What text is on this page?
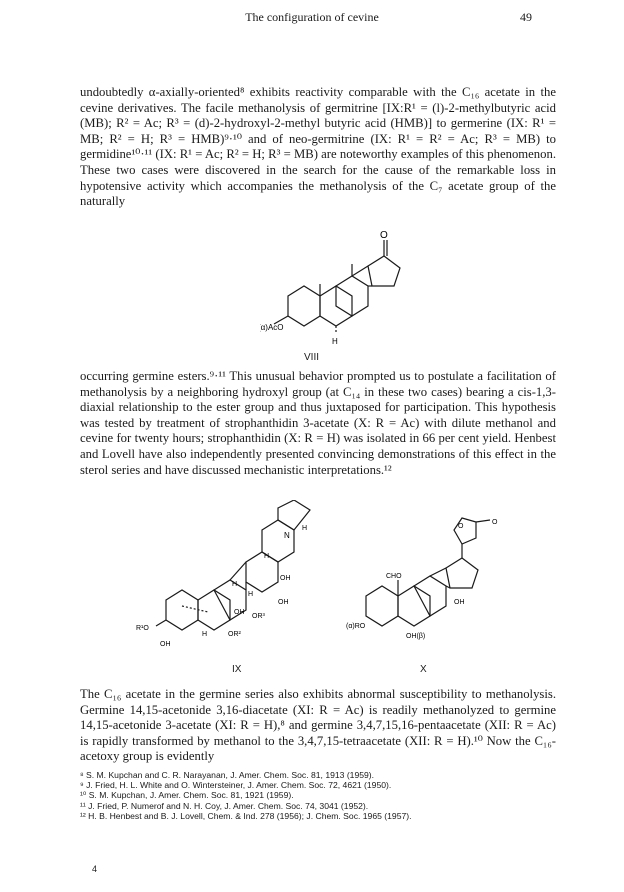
The configuration of cevine	49

undoubtedly α-axially-oriented⁸ exhibits reactivity comparable with the C₁₆ acetate in the cevine derivatives. The facile methanolysis of germitrine [IX:R¹ = (l)-2-methylbutyric acid (MB); R² = Ac; R³ = (d)-2-hydroxyl-2-methyl butyric acid (HMB)] to germerine (IX: R¹ = MB; R² = H; R³ = HMB)⁹·¹⁰ and of neo-germitrine (IX: R¹ = R² = Ac; R³ = MB) to germidine¹⁰·¹¹ (IX: R¹ = Ac; R² = H; R³ = MB) are noteworthy examples of this phenomenon. These two cases were discovered in the search for the cause of the remarkable loss in hypotensive activity which accompanies the methanolysis of the C₇ acetate group of the naturally

O
(α)AcO
H
VIII

occurring germine esters.⁹·¹¹ This unusual behavior prompted us to postulate a facilitation of methanolysis by a neighboring hydroxyl group (at C₁₄ in these two cases) bearing a cis-1,3-diaxial relationship to the ester group and thus juxtaposed for participation. This hypothesis was tested by treatment of strophanthidin 3-acetate (X: R = Ac) with dilute methanol and cevine for twenty hours; strophanthidin (X: R = H) was isolated in 66 per cent yield. Henbest and Lovell have also independently presented convincing demonstrations of this effect in the sterol series and have discussed mechanistic interpretations.¹²

N
H
H
H
H
H
OH
OH
OH
OH
OR³
OR²
R¹O
IX
O
O
CHO
OH
(α)RO
OH(β)
X

The C₁₆ acetate in the germine series also exhibits abnormal susceptibility to methanolysis. Germine 14,15-acetonide 3,16-diacetate (XI: R = Ac) is readily methanolyzed to germine 14,15-acetonide 3-acetate (XI: R = H),⁸ and germine 3,4,7,15,16-pentaacetate (XII: R = Ac) is rapidly transformed by methanol to the 3,4,7,15-tetraacetate (XII: R = H).¹⁰ Now the C₁₆-acetoxy group is evidently

⁸ S. M. Kupchan and C. R. Narayanan, J. Amer. Chem. Soc. 81, 1913 (1959).
⁹ J. Fried, H. L. White and O. Wintersteiner, J. Amer. Chem. Soc. 72, 4621 (1950).
¹⁰ S. M. Kupchan, J. Amer. Chem. Soc. 81, 1921 (1959).
¹¹ J. Fried, P. Numerof and N. H. Coy, J. Amer. Chem. Soc. 74, 3041 (1952).
¹² H. B. Henbest and B. J. Lovell, Chem. & Ind. 278 (1956); J. Chem. Soc. 1965 (1957).
4
